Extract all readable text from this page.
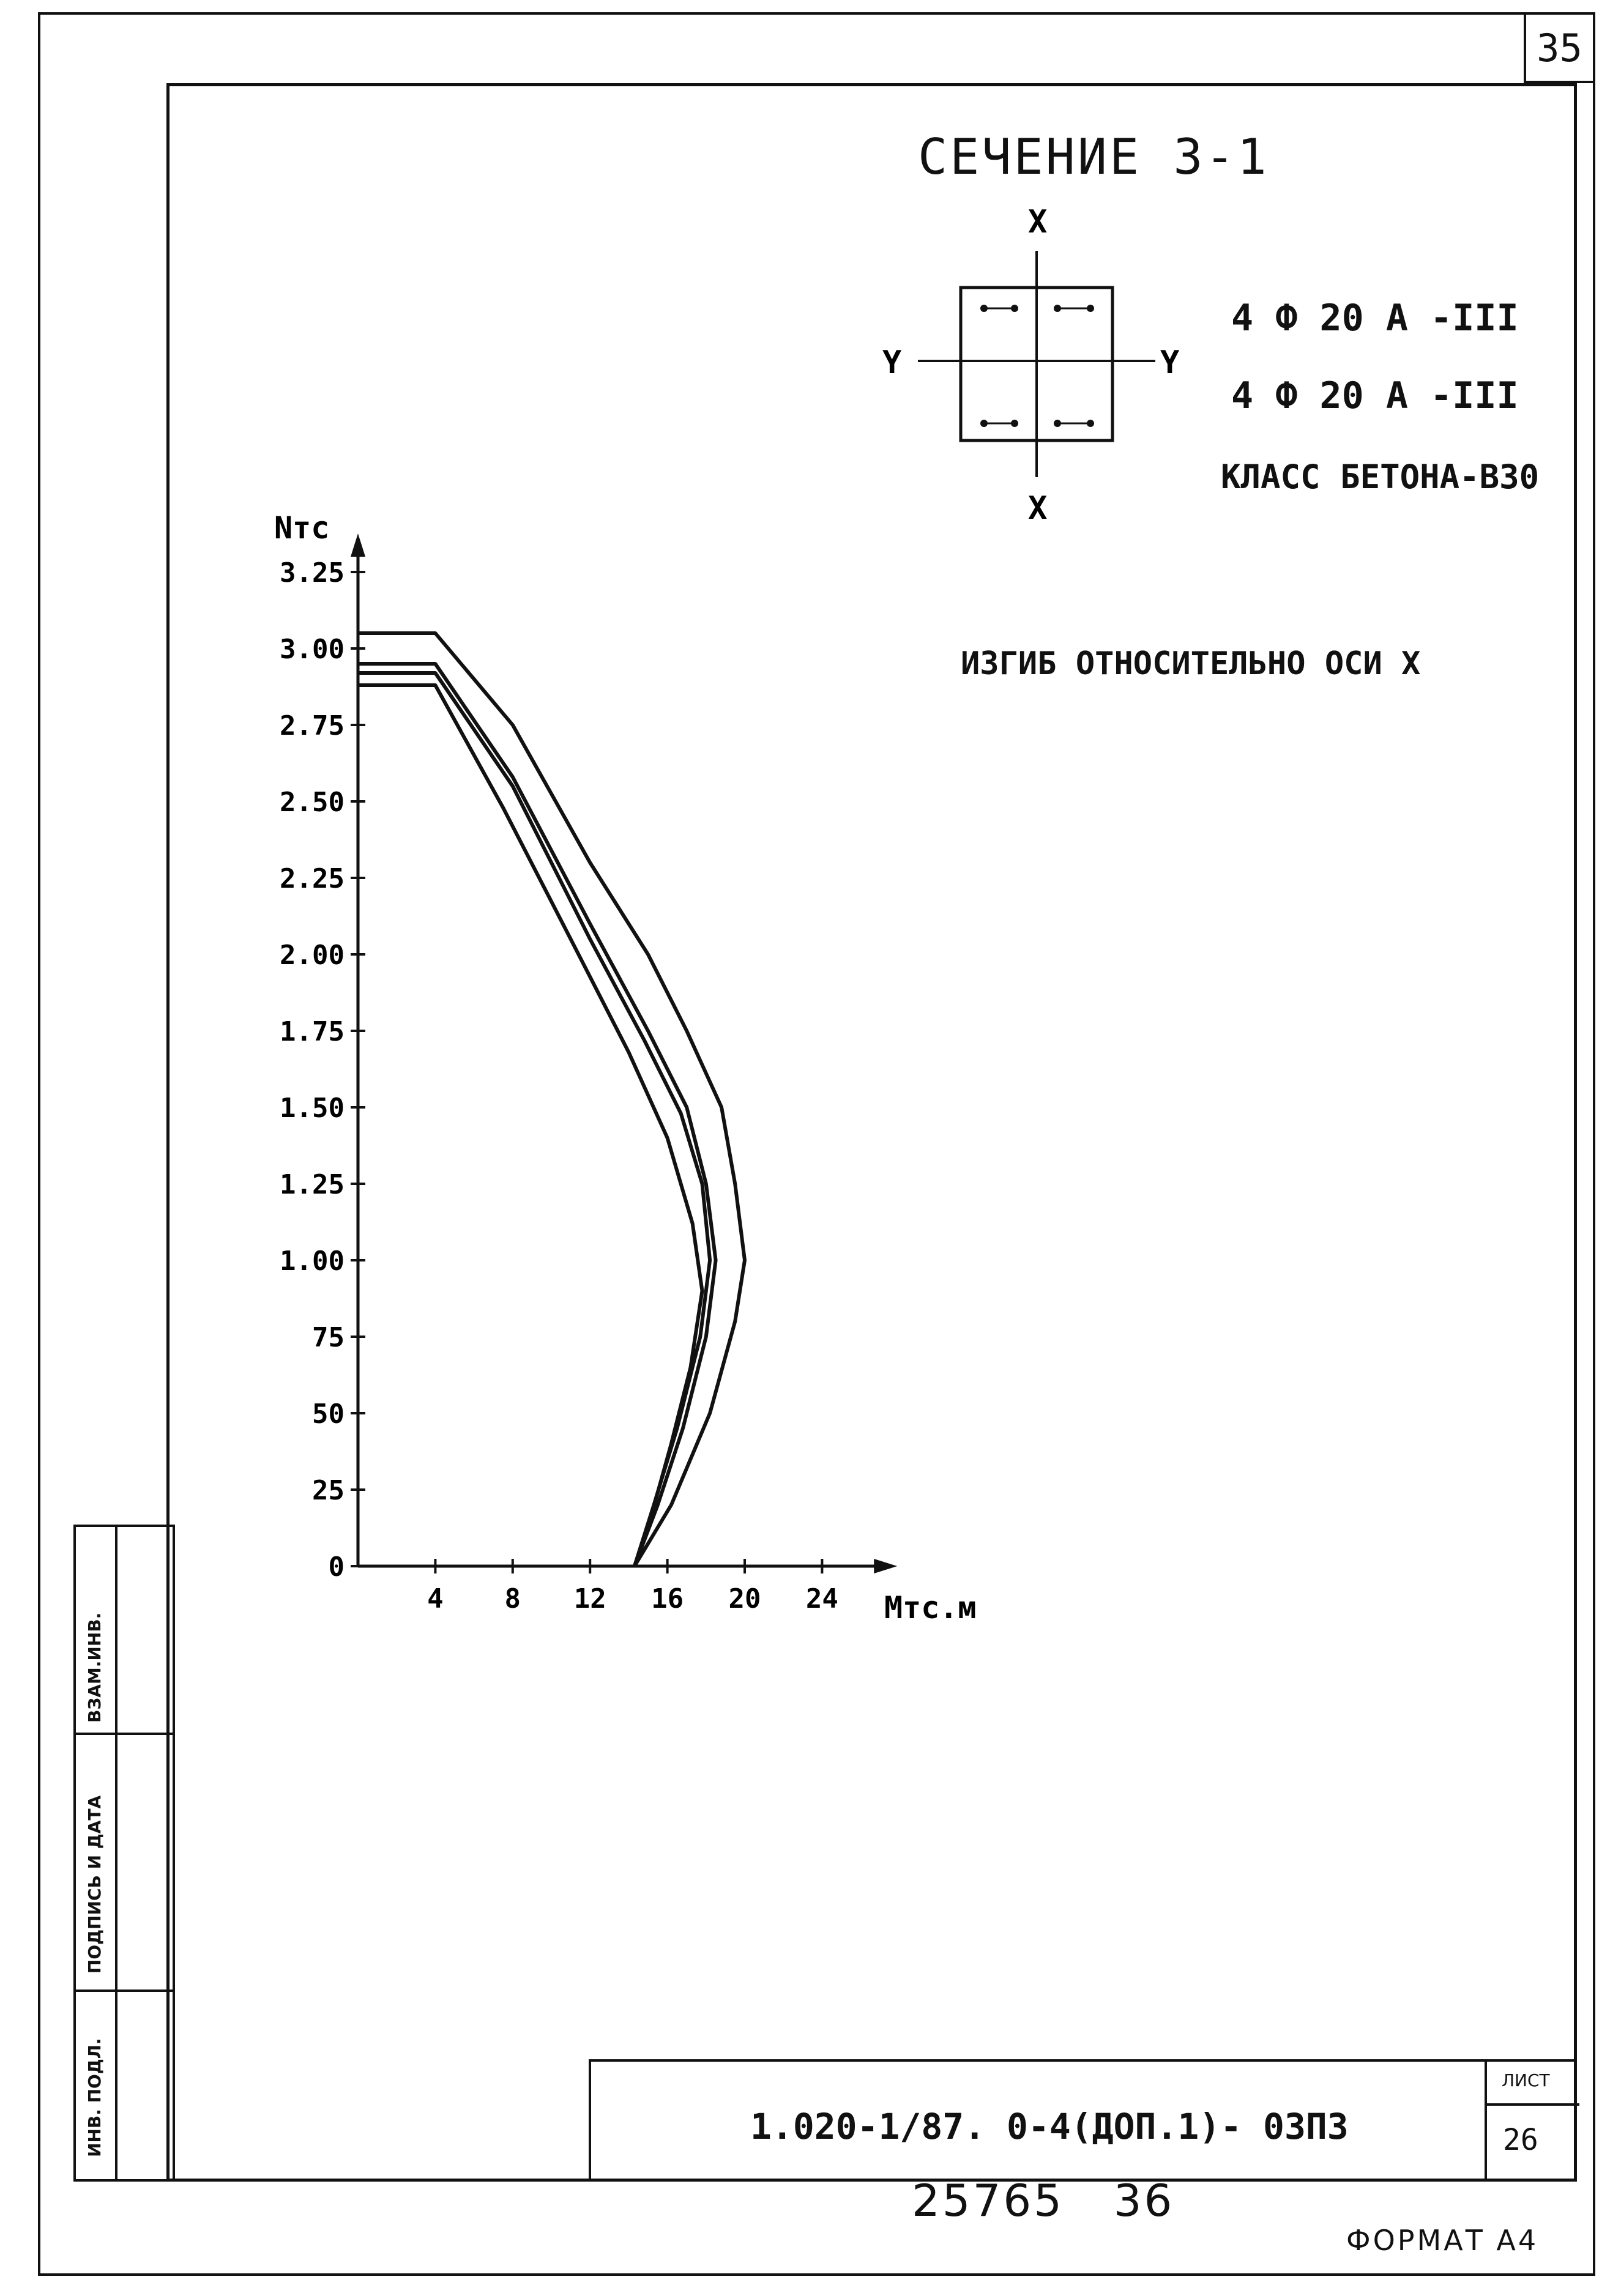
35
СЕЧЕНИЕ 3-1
X
X
Y	Y
4 Ф 20 А -III
4 Ф 20 А -III
КЛАСС БЕТОНА-В30
ИЗГИБ ОТНОСИТЕЛЬНО ОСИ X
0
25
50
75
1.00
1.25
1.50
1.75
2.00
2.25
2.50
2.75
3.00
3.25
4 8 12 16 20 24
Nтс
Mтс.м
ВЗАМ.ИНВ.
ПОДПИСЬ И ДАТА
ИНВ. ПОДЛ.	1.020-1/87. 0-4(ДОП.1)- 03П3
ЛИСТ
26
25765   36
ФОРМАТ А4
